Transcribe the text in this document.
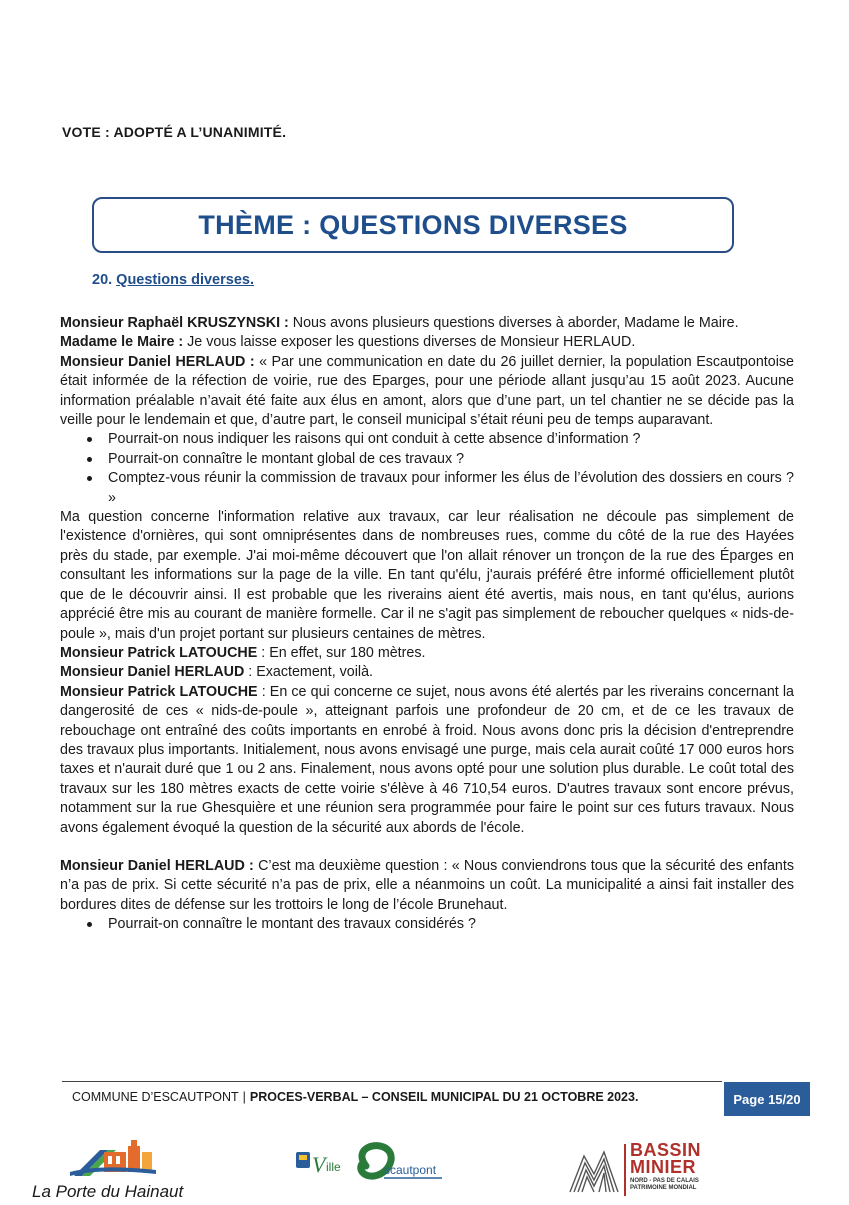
VOTE : ADOPTÉ A L’UNANIMITÉ.
THÈME : QUESTIONS DIVERSES
20. Questions diverses.

Monsieur Raphaël KRUSZYNSKI : Nous avons plusieurs questions diverses à aborder, Madame le Maire.

Madame le Maire : Je vous laisse exposer les questions diverses de Monsieur HERLAUD.

Monsieur Daniel HERLAUD : « Par une communication en date du 26 juillet dernier, la population Escautpontoise était informée de la réfection de voirie, rue des Eparges, pour une période allant jusqu’au 15 août 2023. Aucune information préalable n’avait été faite aux élus en amont, alors que d’une part, un tel chantier ne se décide pas la veille pour le lendemain et que, d’autre part, le conseil municipal s’était réuni peu de temps auparavant.

Pourrait-on nous indiquer les raisons qui ont conduit à cette absence d’information ?
Pourrait-on connaître le montant global de ces travaux ?
Comptez-vous réunir la commission de travaux pour informer les élus de l’évolution des dossiers en cours ? »

Ma question concerne l'information relative aux travaux, car leur réalisation ne découle pas simplement de l'existence d'ornières, qui sont omniprésentes dans de nombreuses rues, comme du côté de la rue des Hayées près du stade, par exemple. J'ai moi-même découvert que l'on allait rénover un tronçon de la rue des Éparges en consultant les informations sur la page de la ville. En tant qu'élu, j'aurais préféré être informé officiellement plutôt que de le découvrir ainsi. Il est probable que les riverains aient été avertis, mais nous, en tant qu'élus, aurions apprécié être mis au courant de manière formelle. Car il ne s'agit pas simplement de reboucher quelques « nids-de-poule », mais d'un projet portant sur plusieurs centaines de mètres.

Monsieur Patrick LATOUCHE : En effet, sur 180 mètres.

Monsieur Daniel HERLAUD : Exactement, voilà.

Monsieur Patrick LATOUCHE : En ce qui concerne ce sujet, nous avons été alertés par les riverains concernant la dangerosité de ces « nids-de-poule », atteignant parfois une profondeur de 20 cm, et de ce les travaux de rebouchage ont entraîné des coûts importants en enrobé à froid. Nous avons donc pris la décision d'entreprendre des travaux plus importants. Initialement, nous avons envisagé une purge, mais cela aurait coûté 17 000 euros hors taxes et n'aurait duré que 1 ou 2 ans. Finalement, nous avons opté pour une solution plus durable. Le coût total des travaux sur les 180 mètres exacts de cette voirie s'élève à 46 710,54 euros. D'autres travaux sont encore prévus, notamment sur la rue Ghesquière et une réunion sera programmée pour faire le point sur ces futurs travaux. Nous avons également évoqué la question de la sécurité aux abords de l'école.

Monsieur Daniel HERLAUD : C’est ma deuxième question : « Nous conviendrons tous que la sécurité des enfants n’a pas de prix. Si cette sécurité n’a pas de prix, elle a néanmoins un coût. La municipalité a ainsi fait installer des bordures dites de défense sur les trottoirs le long de l’école Brunehaut.

Pourrait-on connaître le montant des travaux considérés ?
COMMUNE D’ESCAUTPONT | PROCES-VERBAL – CONSEIL MUNICIPAL DU 21 OCTOBRE 2023.	Page 15/20
La Porte du Hainaut
V ille	scautpont
BASSIN MINIER
NORD - PAS DE CALAIS PATRIMOINE MONDIAL
